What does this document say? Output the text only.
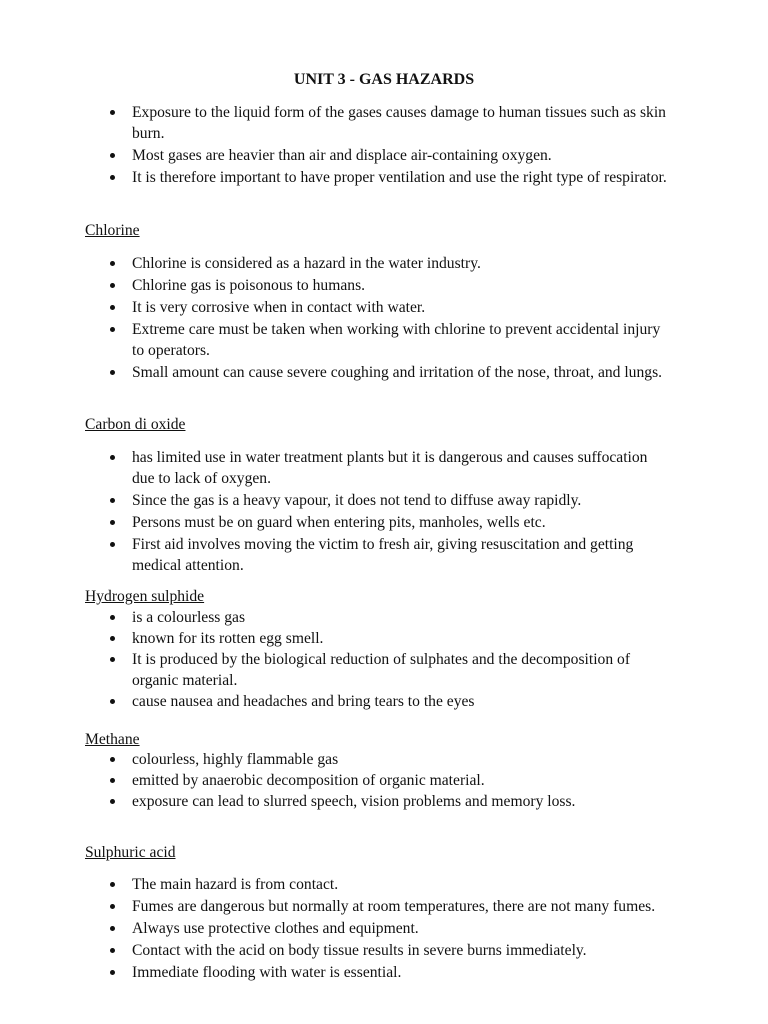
UNIT 3 - GAS HAZARDS
Exposure to the liquid form of the gases causes damage to human tissues such as skin burn.
Most gases are heavier than air and displace air-containing oxygen.
It is therefore important to have proper ventilation and use the right type of respirator.
Chlorine
Chlorine is considered as a hazard in the water industry.
Chlorine gas is poisonous to humans.
It is very corrosive when in contact with water.
Extreme care must be taken when working with chlorine to prevent accidental injury to operators.
Small amount can cause severe coughing and irritation of the nose, throat, and lungs.
Carbon di oxide
has limited use in water treatment plants but it is dangerous and causes suffocation due to lack of oxygen.
Since the gas is a heavy vapour, it does not tend to diffuse away rapidly.
Persons must be on guard when entering pits, manholes, wells etc.
First aid involves moving the victim to fresh air, giving resuscitation and getting medical attention.
Hydrogen sulphide
is a colourless gas
known for its rotten egg smell.
It is produced by the biological reduction of sulphates and the decomposition of organic material.
cause nausea and headaches and bring tears to the eyes
Methane
colourless, highly flammable gas
emitted by anaerobic decomposition of organic material.
exposure can lead to slurred speech, vision problems and memory loss.
Sulphuric acid
The main hazard is from contact.
Fumes are dangerous but normally at room temperatures, there are not many fumes.
Always use protective clothes and equipment.
Contact with the acid on body tissue results in severe burns immediately.
Immediate flooding with water is essential.
